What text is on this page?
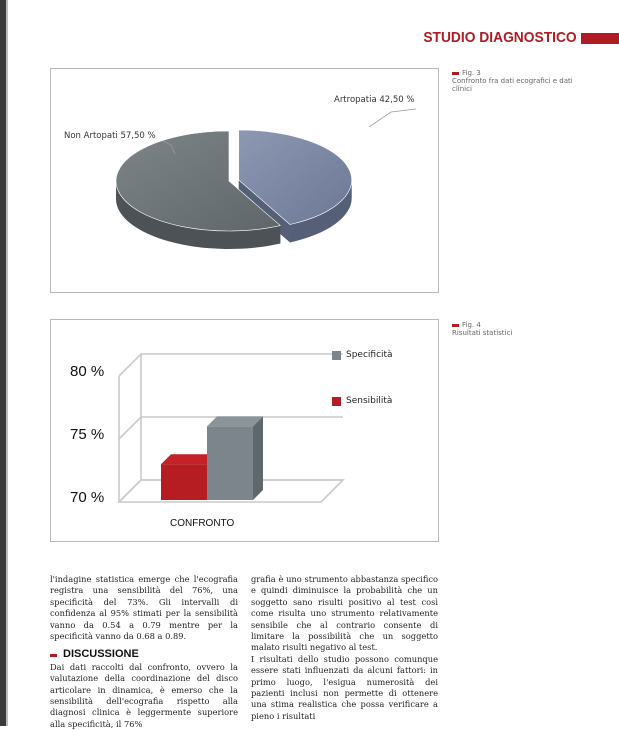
STUDIO DIAGNOSTICO
Artropatia 42,50 %
Non Artopati 57,50 %
Fig. 3
Confronto fra dati ecografici e dati clinici
80 %
75 %
70 %
Specificità
Sensibilità
CONFRONTO
Fig. 4
Risultati statistici

l'indagine statistica emerge che l'ecografia registra una sensibilità del 76%, una specificità del 73%. Gli intervalli di confidenza al 95% stimati per la sensibilità vanno da 0.54 a 0.79 mentre per la specificità vanno da 0.68 a 0.89.

DISCUSSIONE

Dai dati raccolti dal confronto, ovvero la valutazione della coordinazione del disco articolare in dinamica, è emerso che la sensibilità dell'ecografia rispetto alla diagnosi clinica è leggermente superiore alla specificità, il 76%

grafia è uno strumento abbastanza specifico e quindi diminuisce la probabilità che un soggetto sano risulti positivo al test così come risulta uno strumento relativamente sensibile che al contrario consente di limitare la possibilità che un soggetto malato risulti negativo al test.

I risultati dello studio possono comunque essere stati influenzati da alcuni fattori: in primo luogo, l'esigua numerosità dei pazienti inclusi non permette di ottenere una stima realistica che possa verificare a pieno i risultati
